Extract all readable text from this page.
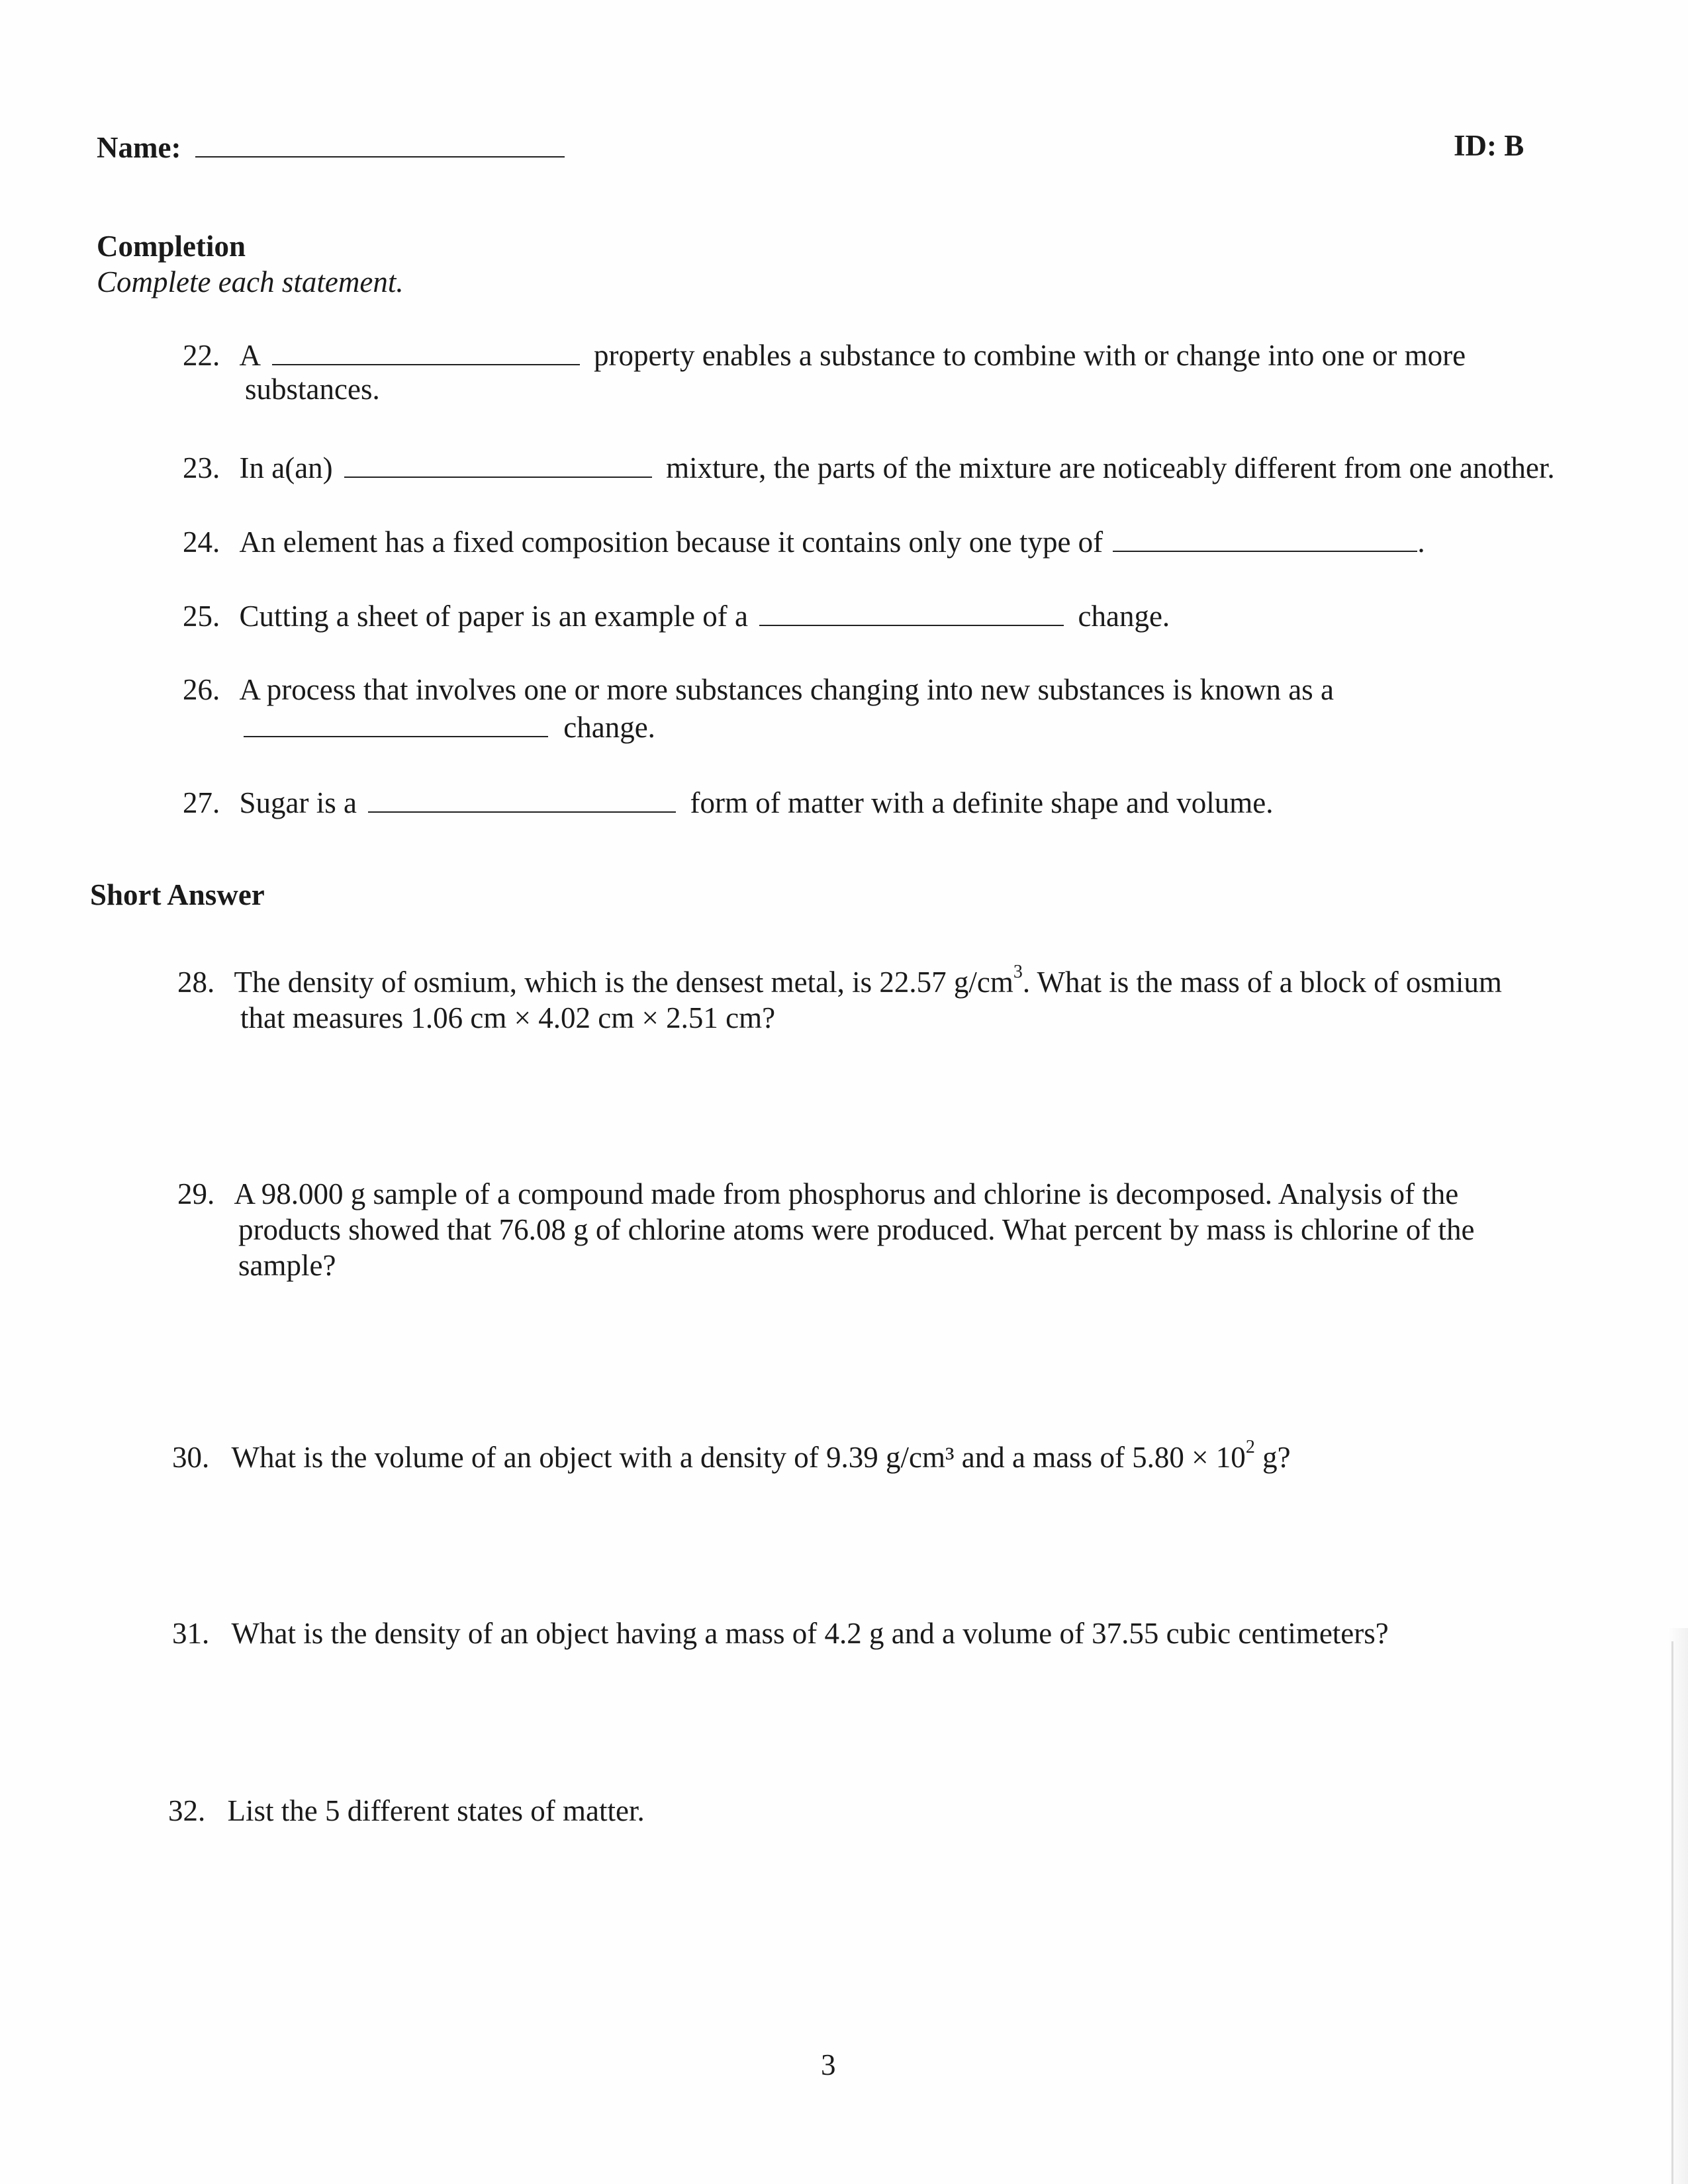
Name:	ID: B
Completion
Complete each statement.
22. A	property enables a substance to combine with or change into one or more
substances.
23. In a(an)	mixture, the parts of the mixture are noticeably different from one another.
24. An element has a fixed composition because it contains only one type of	.
25. Cutting a sheet of paper is an example of a	change.
26. A process that involves one or more substances changing into new substances is known as a
change.
27. Sugar is a	form of matter with a definite shape and volume.
Short Answer
28. The density of osmium, which is the densest metal, is 22.57 $g/cm^3$. What is the mass of a block of osmium
that measures 1.06 cm × 4.02 cm × 2.51 cm?
29. A 98.000 g sample of a compound made from phosphorus and chlorine is decomposed. Analysis of the
products showed that 76.08 g of chlorine atoms were produced. What percent by mass is chlorine of the
sample?
30. What is the volume of an object with a density of 9.39 g/cm³ and a mass of $5.80 \times 10^2$ g?
31. What is the density of an object having a mass of 4.2 g and a volume of 37.55 cubic centimeters?
32. List the 5 different states of matter.
3
